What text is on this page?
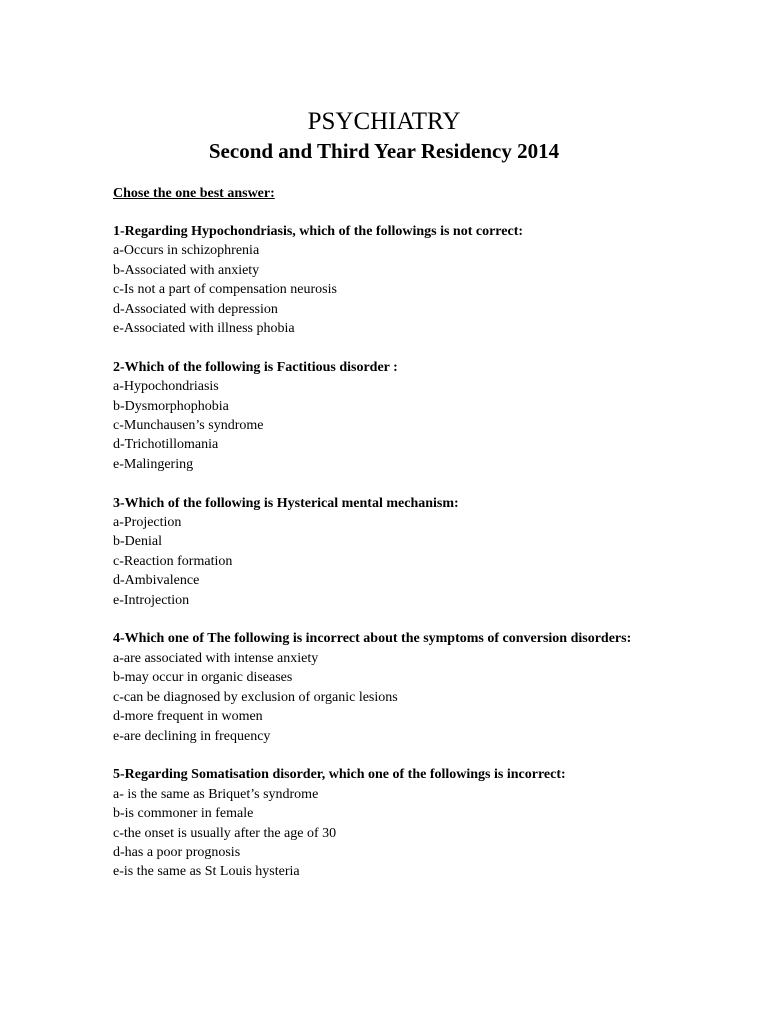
PSYCHIATRY
Second and Third Year Residency 2014

Chose the one best answer:

1-Regarding Hypochondriasis, which of the followings is not correct:

a-Occurs in schizophrenia

b-Associated with anxiety

c-Is not a part of compensation neurosis

d-Associated with depression

e-Associated with illness phobia

2-Which of the following is Factitious disorder :

a-Hypochondriasis

b-Dysmorphophobia

c-Munchausen’s syndrome

d-Trichotillomania

e-Malingering

3-Which of the following is Hysterical mental mechanism:

a-Projection

b-Denial

c-Reaction formation

d-Ambivalence

e-Introjection

4-Which one of The following is incorrect about the symptoms of conversion disorders:

a-are associated with intense anxiety

b-may occur in organic diseases

c-can be diagnosed by exclusion of organic lesions

d-more frequent in women

e-are declining in frequency

5-Regarding Somatisation disorder, which one of the followings is incorrect:

a- is the same as Briquet’s syndrome

b-is commoner in female

c-the onset is usually after the age of 30

d-has a poor prognosis

e-is the same as St Louis hysteria
